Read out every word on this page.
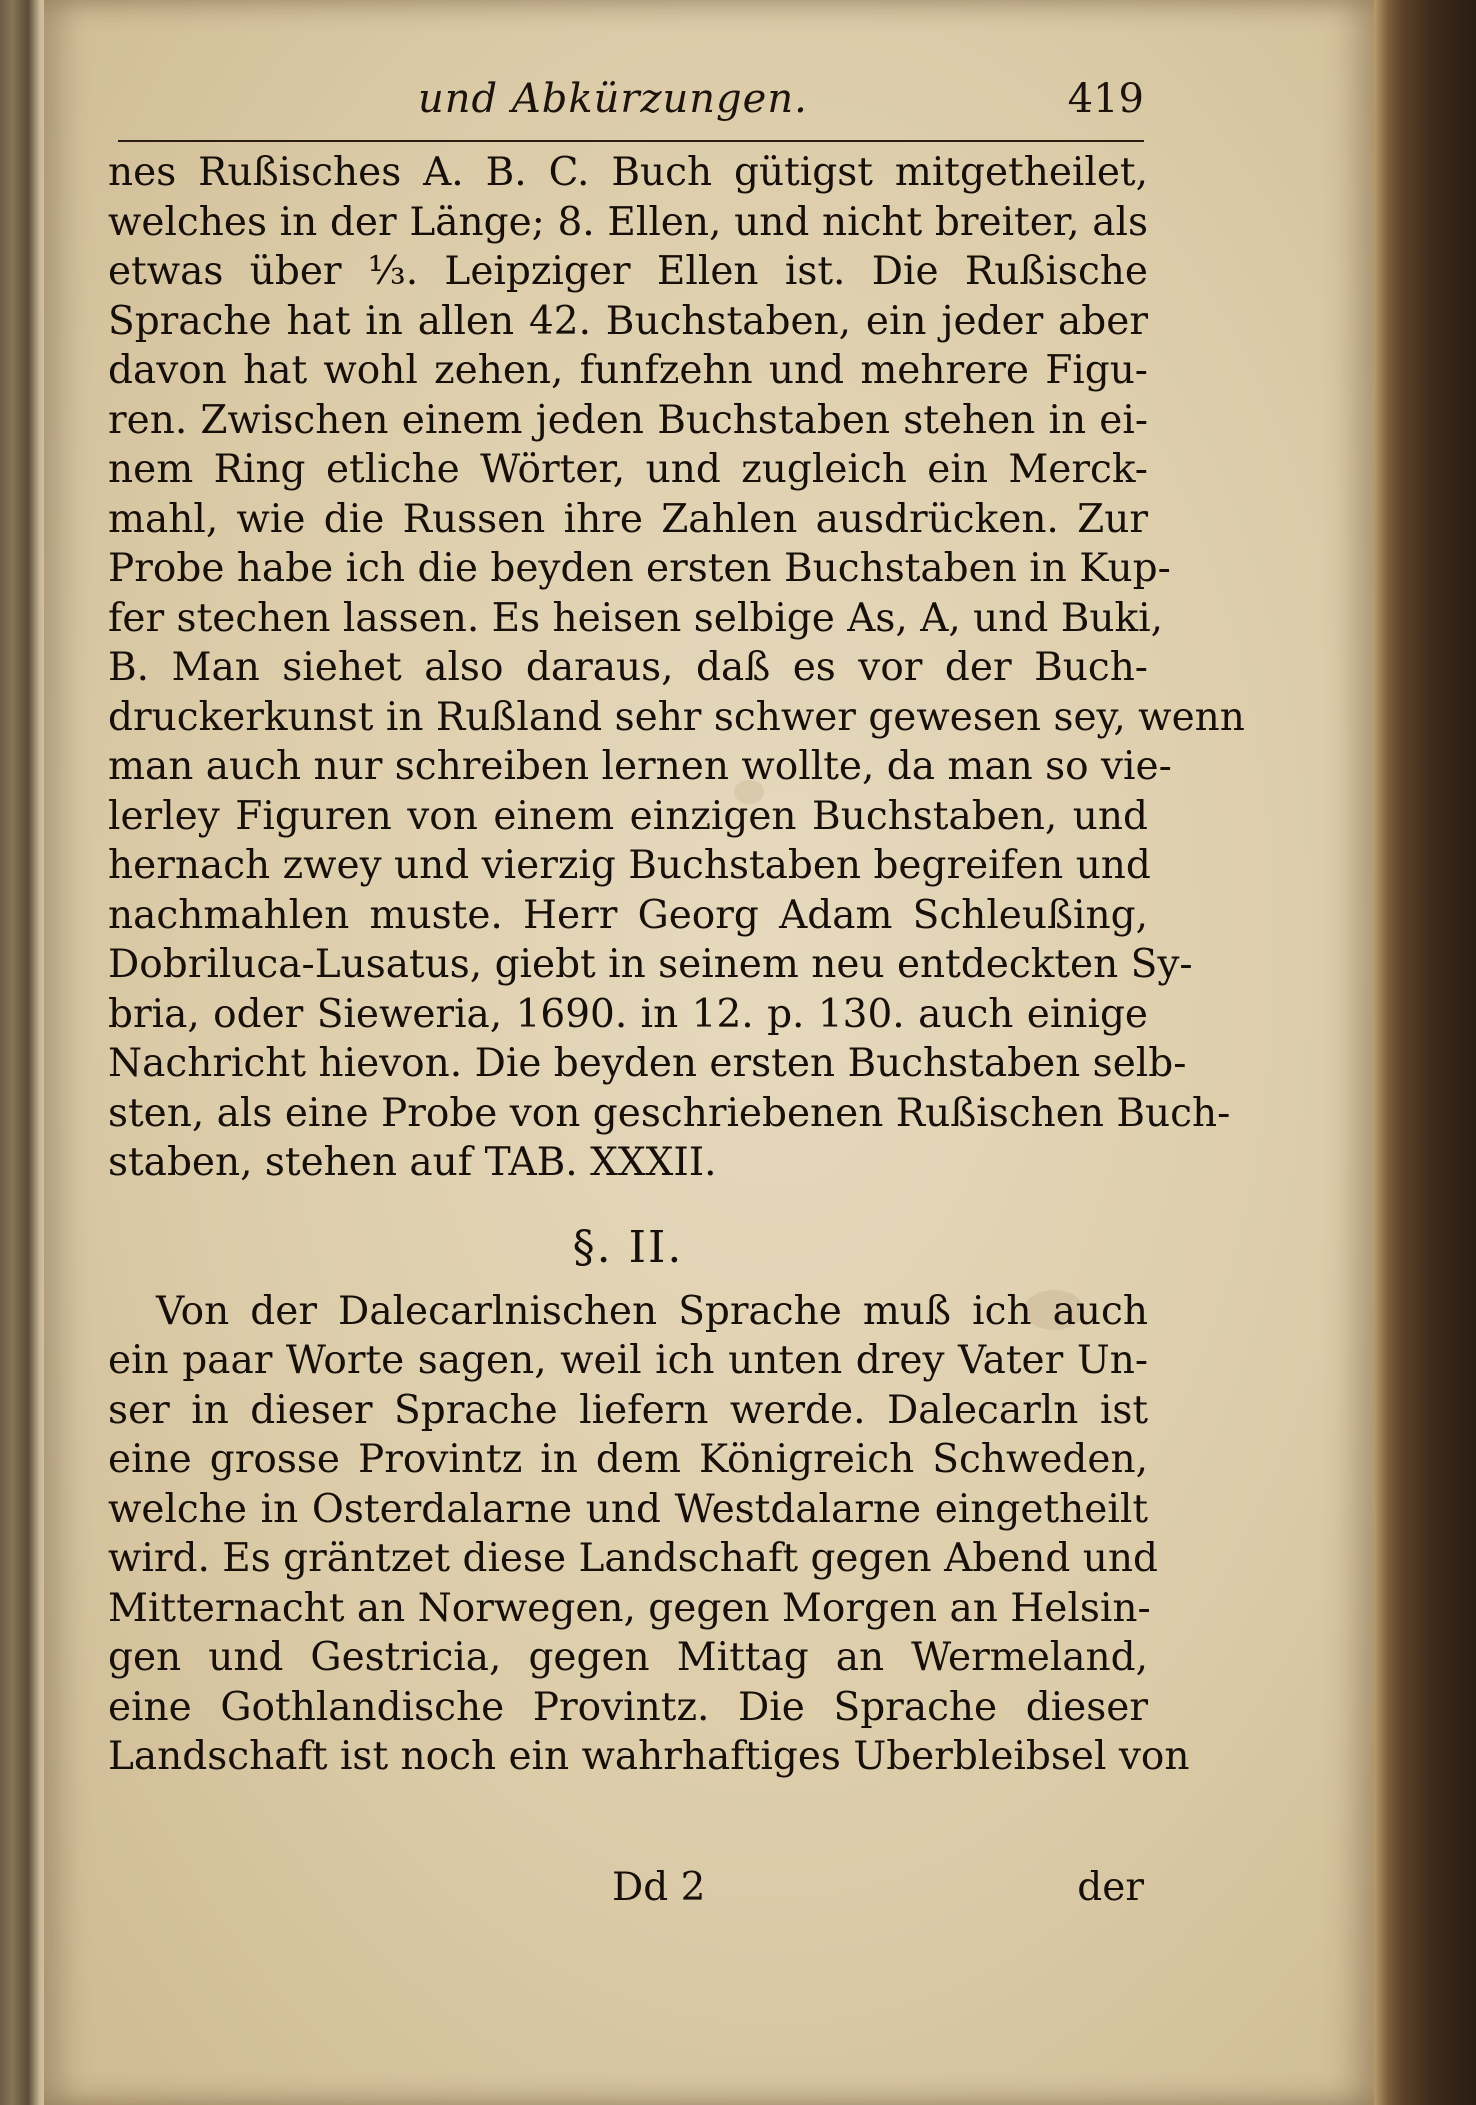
und Abkürzungen.	419
nes Rußisches A. B. C. Buch gütigst mitgetheilet,
welches in der Länge; 8. Ellen, und nicht breiter, als
etwas über ⅓. Leipziger Ellen ist. Die Rußische
Sprache hat in allen 42. Buchstaben, ein jeder aber
davon hat wohl zehen, funfzehn und mehrere Figu-
ren. Zwischen einem jeden Buchstaben stehen in ei-
nem Ring etliche Wörter, und zugleich ein Merck-
mahl, wie die Russen ihre Zahlen ausdrücken. Zur
Probe habe ich die beyden ersten Buchstaben in Kup-
fer stechen lassen. Es heisen selbige As, A, und Buki,
B. Man siehet also daraus, daß es vor der Buch-
druckerkunst in Rußland sehr schwer gewesen sey, wenn
man auch nur schreiben lernen wollte, da man so vie-
lerley Figuren von einem einzigen Buchstaben, und
hernach zwey und vierzig Buchstaben begreifen und
nachmahlen muste. Herr Georg Adam Schleußing,
Dobriluca-Lusatus, giebt in seinem neu entdeckten Sy-
bria, oder Sieweria, 1690. in 12. p. 130. auch einige
Nachricht hievon. Die beyden ersten Buchstaben selb-
sten, als eine Probe von geschriebenen Rußischen Buch-
staben, stehen auf TAB. XXXII.
§. II.
Von der Dalecarlnischen Sprache muß ich auch
ein paar Worte sagen, weil ich unten drey Vater Un-
ser in dieser Sprache liefern werde. Dalecarln ist
eine grosse Provintz in dem Königreich Schweden,
welche in Osterdalarne und Westdalarne eingetheilt
wird. Es gräntzet diese Landschaft gegen Abend und
Mitternacht an Norwegen, gegen Morgen an Helsin-
gen und Gestricia, gegen Mittag an Wermeland,
eine Gothlandische Provintz. Die Sprache dieser
Landschaft ist noch ein wahrhaftiges Uberbleibsel von
Dd 2	der
